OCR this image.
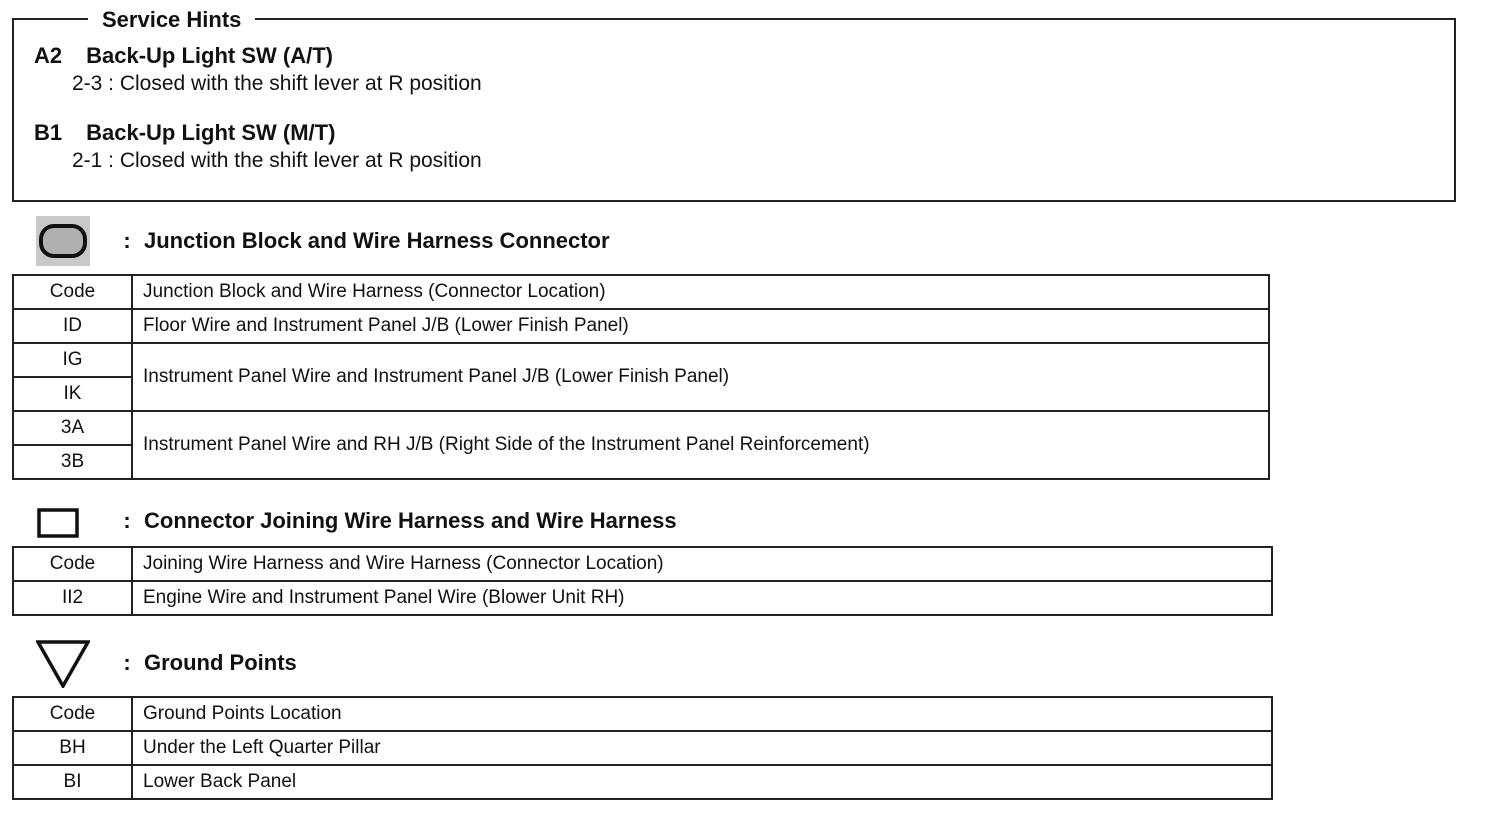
Service Hints
A2 Back-Up Light SW (A/T)
2-3 : Closed with the shift lever at R position
B1 Back-Up Light SW (M/T)
2-1 : Closed with the shift lever at R position
: Junction Block and Wire Harness Connector
Code	Junction Block and Wire Harness (Connector Location)
ID	Floor Wire and Instrument Panel J/B (Lower Finish Panel)
IG	Instrument Panel Wire and Instrument Panel J/B (Lower Finish Panel)
IK	
3A	Instrument Panel Wire and RH J/B (Right Side of the Instrument Panel Reinforcement)
3B	
: Connector Joining Wire Harness and Wire Harness
Code	Joining Wire Harness and Wire Harness (Connector Location)
II2	Engine Wire and Instrument Panel Wire (Blower Unit RH)
: Ground Points
Code	Ground Points Location
BH	Under the Left Quarter Pillar
BI	Lower Back Panel
